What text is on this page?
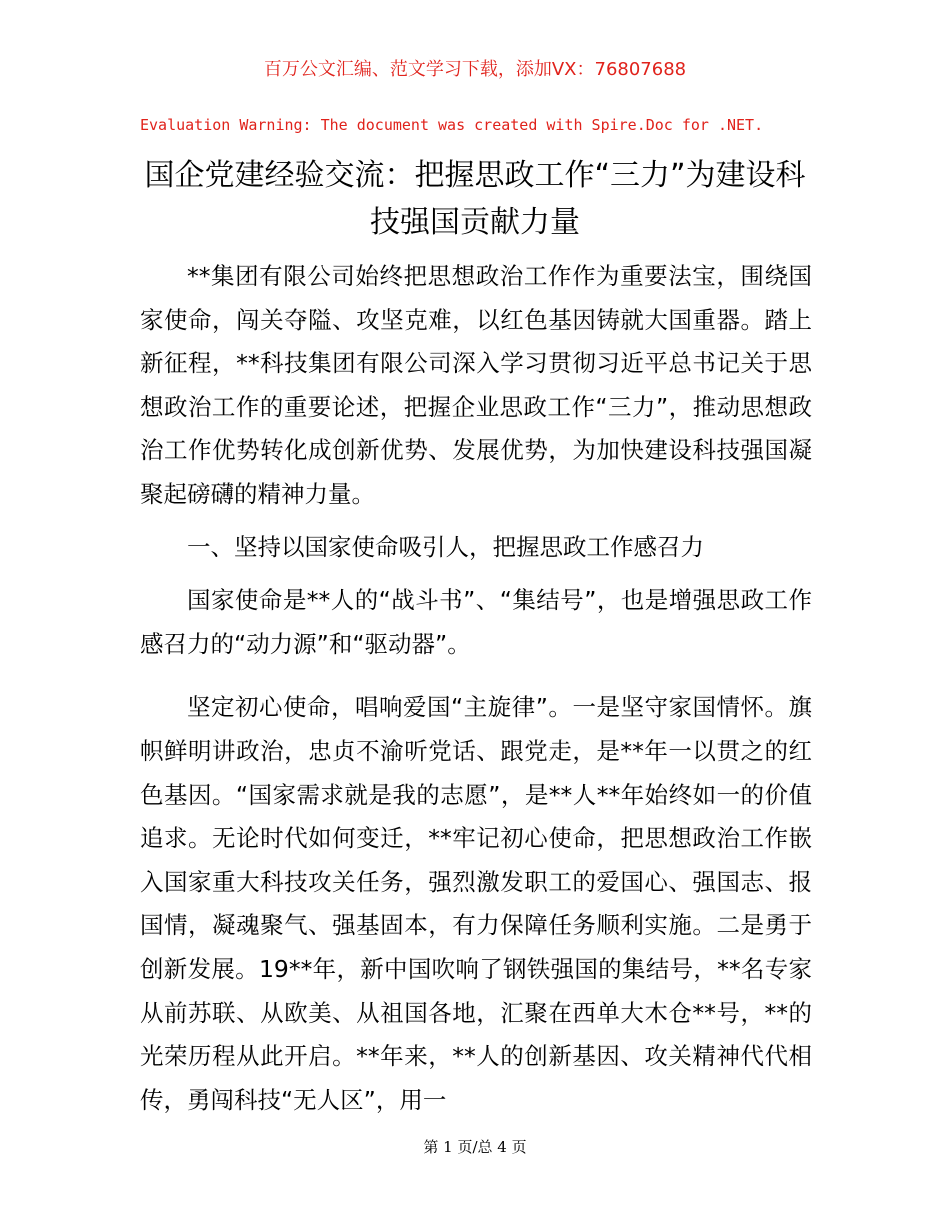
百万公文汇编、范文学习下载，添加VX：76807688
Evaluation Warning: The document was created with Spire.Doc for .NET.
国企党建经验交流：把握思政工作“三力”为建设科技强国贡献力量

**集团有限公司始终把思想政治工作作为重要法宝，围绕国家使命，闯关夺隘、攻坚克难，以红色基因铸就大国重器。踏上新征程，**科技集团有限公司深入学习贯彻习近平总书记关于思想政治工作的重要论述，把握企业思政工作“三力”，推动思想政治工作优势转化成创新优势、发展优势，为加快建设科技强国凝聚起磅礴的精神力量。

一、坚持以国家使命吸引人，把握思政工作感召力

国家使命是**人的“战斗书”、“集结号”，也是增强思政工作感召力的“动力源”和“驱动器”。

坚定初心使命，唱响爱国“主旋律”。一是坚守家国情怀。旗帜鲜明讲政治，忠贞不渝听党话、跟党走，是**年一以贯之的红色基因。“国家需求就是我的志愿”，是**人**年始终如一的价值追求。无论时代如何变迁，**牢记初心使命，把思想政治工作嵌入国家重大科技攻关任务，强烈激发职工的爱国心、强国志、报国情，凝魂聚气、强基固本，有力保障任务顺利实施。二是勇于创新发展。19**年，新中国吹响了钢铁强国的集结号，**名专家从前苏联、从欧美、从祖国各地，汇聚在西单大木仓**号，**的光荣历程从此开启。**年来，**人的创新基因、攻关精神代代相传，勇闯科技“无人区”，用一

第 1 页/总 4 页
